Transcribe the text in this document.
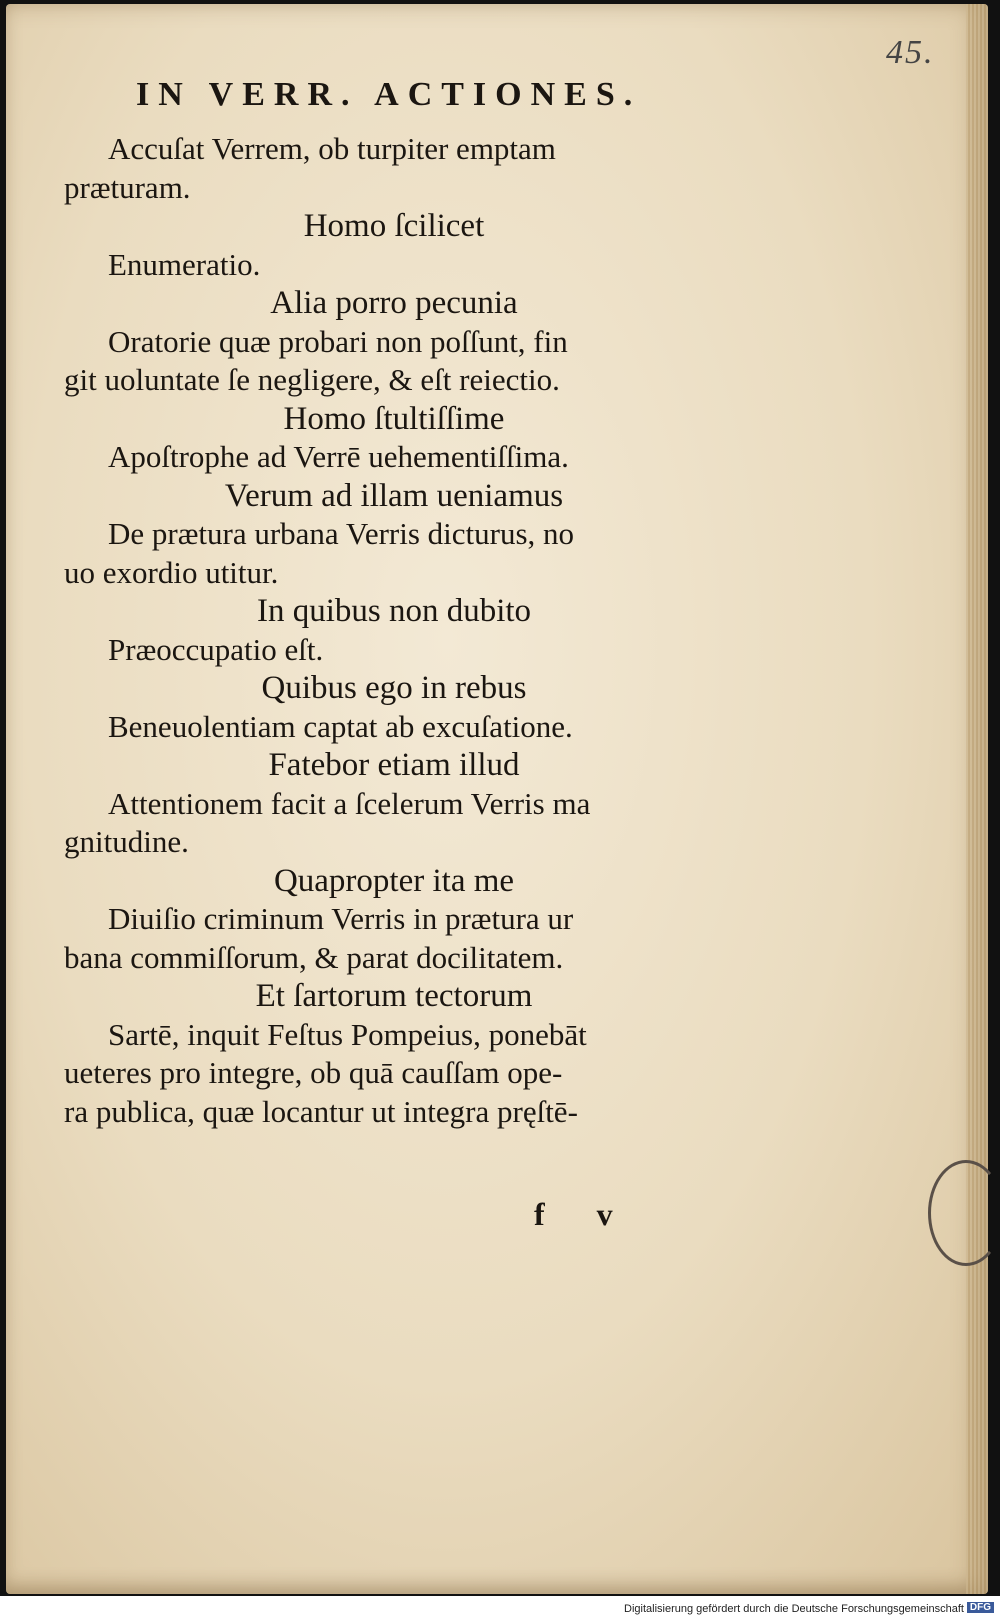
45.
IN VERR. ACTIONES.
Accuſat Verrem, ob turpiter emptam
præturam.
Homo ſcilicet
Enumeratio.
Alia porro pecunia
Oratorie quæ probari non poſſunt, fin
git uoluntate ſe negligere, & eſt reiectio.
Homo ſtultiſſime
Apoſtrophe ad Verrē uehementiſſima.
Verum ad illam ueniamus
De prætura urbana Verris dicturus, no
uo exordio utitur.
In quibus non dubito
Præoccupatio eſt.
Quibus ego in rebus
Beneuolentiam captat ab excuſatione.
Fatebor etiam illud
Attentionem facit a ſcelerum Verris ma
gnitudine.
Quapropter ita me
Diuiſio criminum Verris in prætura ur
bana commiſſorum, & parat docilitatem.
Et ſartorum tectorum
Sartē, inquit Feſtus Pompeius, ponebāt
ueteres pro integre, ob quā cauſſam ope-
ra publica, quæ locantur ut integra pręſtē-
f v
Digitalisierung gefördert durch die Deutsche Forschungsgemeinschaft DFG
